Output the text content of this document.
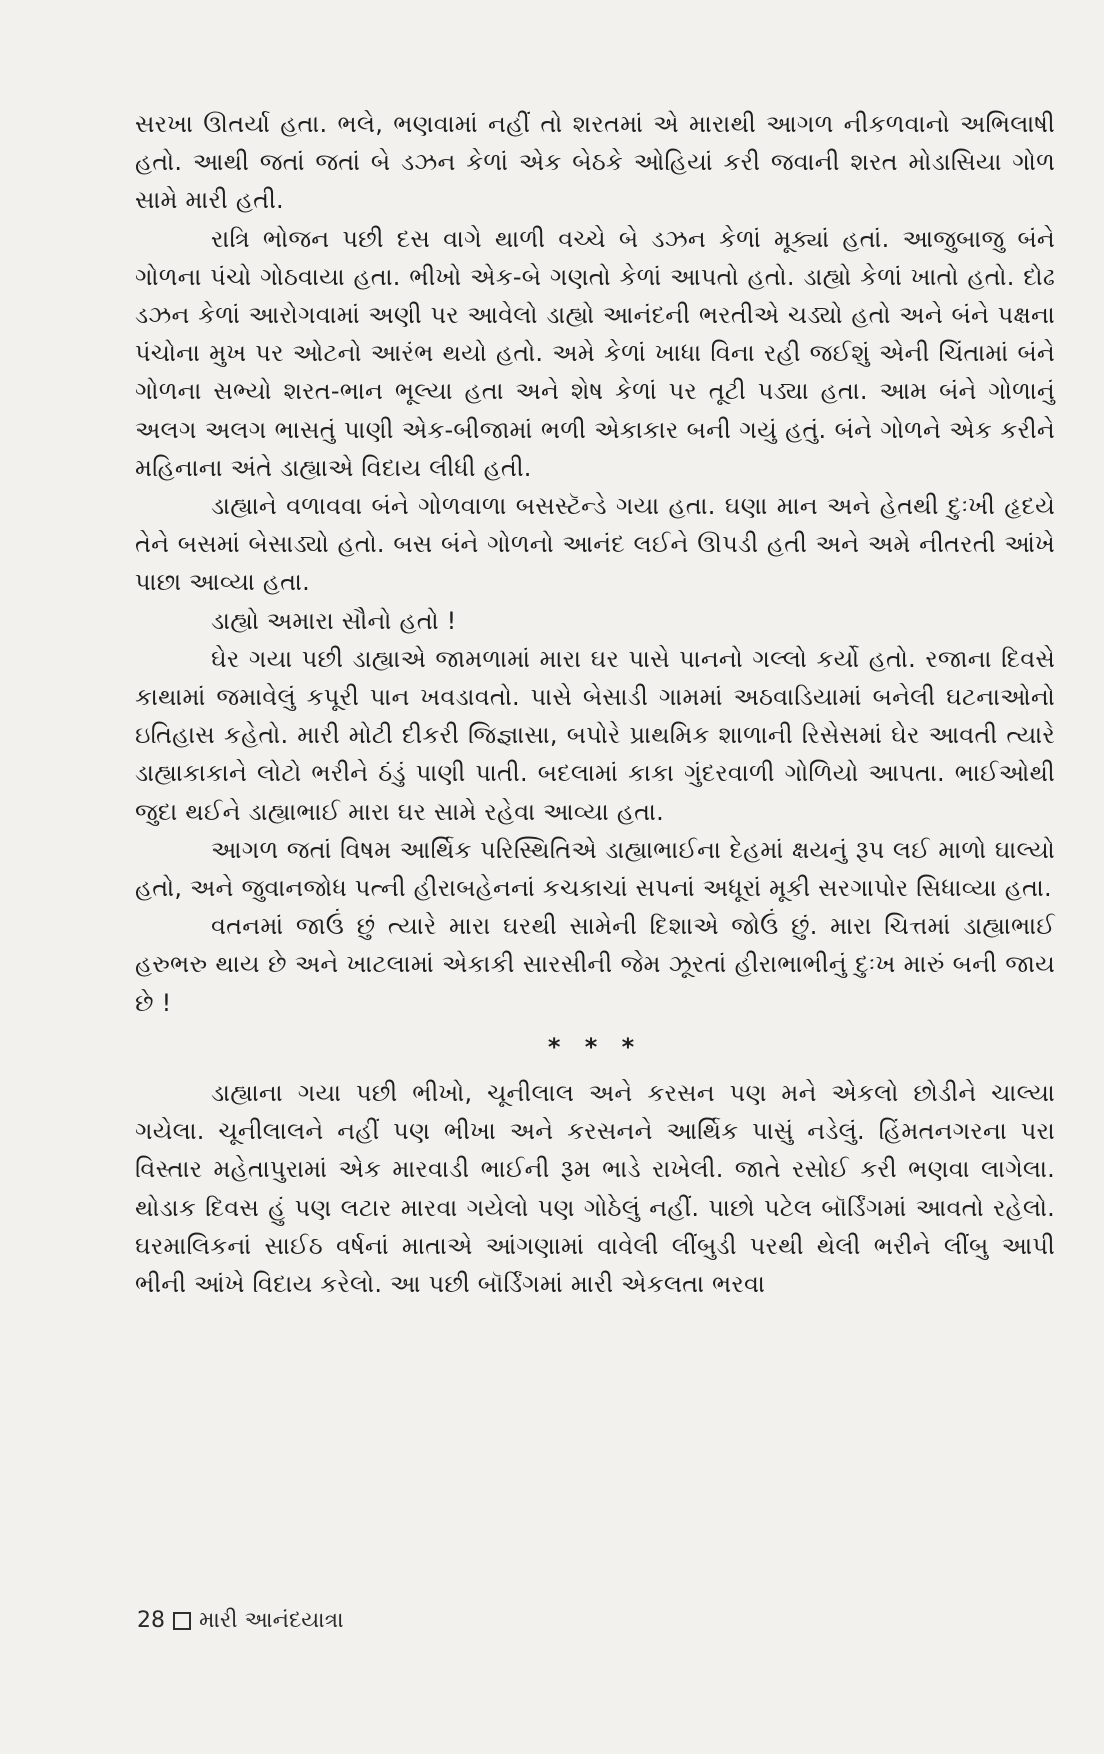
સરખા ઊતર્યા હતા. ભલે, ભણવામાં નહીં તો શરતમાં એ મારાથી આગળ નીકળવાનો અભિલાષી હતો. આથી જતાં જતાં બે ડઝન કેળાં એક બેઠકે ઓહિયાં કરી જવાની શરત મોડાસિયા ગોળ સામે મારી હતી.

રાત્રિ ભોજન પછી દસ વાગે થાળી વચ્ચે બે ડઝન કેળાં મૂક્યાં હતાં. આજુબાજુ બંને ગોળના પંચો ગોઠવાયા હતા. ભીખો એક-બે ગણતો કેળાં આપતો હતો. ડાહ્યો કેળાં ખાતો હતો. દોઢ ડઝન કેળાં આરોગવામાં અણી પર આવેલો ડાહ્યો આનંદની ભરતીએ ચડ્યો હતો અને બંને પક્ષના પંચોના મુખ પર ઓટનો આરંભ થયો હતો. અમે કેળાં ખાધા વિના રહી જઈશું એની ચિંતામાં બંને ગોળના સભ્યો શરત-ભાન ભૂલ્યા હતા અને શેષ કેળાં પર તૂટી પડ્યા હતા. આમ બંને ગોળાનું અલગ અલગ ભાસતું પાણી એક-બીજામાં ભળી એકાકાર બની ગયું હતું. બંને ગોળને એક કરીને મહિનાના અંતે ડાહ્યાએ વિદાય લીધી હતી.

ડાહ્યાને વળાવવા બંને ગોળવાળા બસસ્ટૅન્ડે ગયા હતા. ઘણા માન અને હેતથી દુઃખી હૃદયે તેને બસમાં બેસાડ્યો હતો. બસ બંને ગોળનો આનંદ લઈને ઊપડી હતી અને અમે નીતરતી આંખે પાછા આવ્યા હતા.

ડાહ્યો અમારા સૌનો હતો !

ઘેર ગયા પછી ડાહ્યાએ જામળામાં મારા ઘર પાસે પાનનો ગલ્લો કર્યો હતો. રજાના દિવસે કાથામાં જમાવેલું કપૂરી પાન ખવડાવતો. પાસે બેસાડી ગામમાં અઠવાડિયામાં બનેલી ઘટનાઓનો ઇતિહાસ કહેતો. મારી મોટી દીકરી જિજ્ઞાસા, બપોરે પ્રાથમિક શાળાની રિસેસમાં ઘેર આવતી ત્યારે ડાહ્યાકાકાને લોટો ભરીને ઠંડું પાણી પાતી. બદલામાં કાકા ગુંદરવાળી ગોળિયો આપતા. ભાઈઓથી જુદા થઈને ડાહ્યાભાઈ મારા ઘર સામે રહેવા આવ્યા હતા.

આગળ જતાં વિષમ આર્થિક પરિસ્થિતિએ ડાહ્યાભાઈના દેહમાં ક્ષયનું રૂપ લઈ માળો ઘાલ્યો હતો, અને જુવાનજોધ પત્ની હીરાબહેનનાં કચકાચાં સપનાં અધૂરાં મૂકી સરગાપોર સિધાવ્યા હતા.

વતનમાં જાઉં છું ત્યારે મારા ઘરથી સામેની દિશાએ જોઉં છું. મારા ચિત્તમાં ડાહ્યાભાઈ હરુભરુ થાય છે અને ખાટલામાં એકાકી સારસીની જેમ ઝૂરતાં હીરાભાભીનું દુઃખ મારું બની જાય છે !

* * *

ડાહ્યાના ગયા પછી ભીખો, ચૂનીલાલ અને કરસન પણ મને એકલો છોડીને ચાલ્યા ગયેલા. ચૂનીલાલને નહીં પણ ભીખા અને કરસનને આર્થિક પાસું નડેલું. હિંમતનગરના પરા વિસ્તાર મહેતાપુરામાં એક મારવાડી ભાઈની રૂમ ભાડે રાખેલી. જાતે રસોઈ કરી ભણવા લાગેલા. થોડાક દિવસ હું પણ લટાર મારવા ગયેલો પણ ગોઠેલું નહીં. પાછો પટેલ બૉર્ડિંગમાં આવતો રહેલો. ઘરમાલિકનાં સાઈઠ વર્ષનાં માતાએ આંગણામાં વાવેલી લીંબુડી પરથી થેલી ભરીને લીંબુ આપી ભીની આંખે વિદાય કરેલો. આ પછી બૉર્ડિંગમાં મારી એકલતા ભરવા

28 મારી આનંદયાત્રા
